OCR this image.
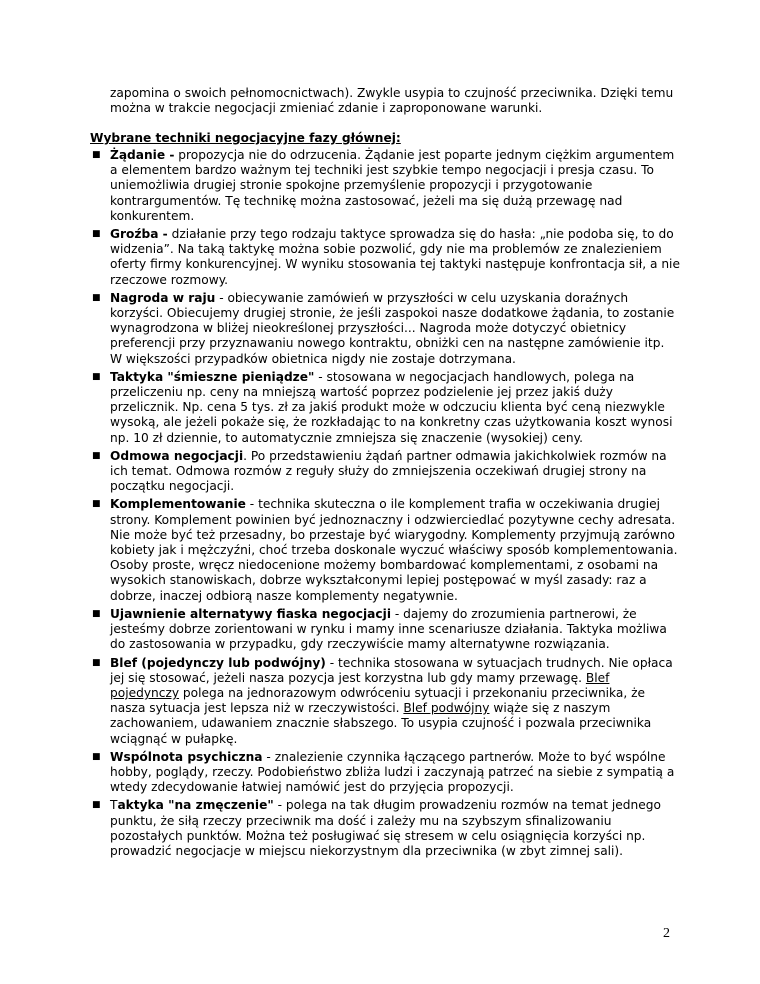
zapomina o swoich pełnomocnictwach). Zwykle usypia to czujność przeciwnika. Dzięki temu można w trakcie negocjacji zmieniać zdanie i zaproponowane warunki.
Wybrane techniki negocjacyjne fazy głównej:
■ Żądanie - propozycja nie do odrzucenia. Żądanie jest poparte jednym ciężkim argumentem a elementem bardzo ważnym tej techniki jest szybkie tempo negocjacji i presja czasu. To uniemożliwia drugiej stronie spokojne przemyślenie propozycji i przygotowanie kontrargumentów. Tę technikę można zastosować, jeżeli ma się dużą przewagę nad konkurentem.
■ Groźba - działanie przy tego rodzaju taktyce sprowadza się do hasła: „nie podoba się, to do widzenia”. Na taką taktykę można sobie pozwolić, gdy nie ma problemów ze znalezieniem oferty firmy konkurencyjnej. W wyniku stosowania tej taktyki następuje konfrontacja sił, a nie rzeczowe rozmowy.
■ Nagroda w raju - obiecywanie zamówień w przyszłości w celu uzyskania doraźnych korzyści. Obiecujemy drugiej stronie, że jeśli zaspokoi nasze dodatkowe żądania, to zostanie wynagrodzona w bliżej nieokreślonej przyszłości... Nagroda może dotyczyć obietnicy preferencji przy przyznawaniu nowego kontraktu, obniżki cen na następne zamówienie itp. W większości przypadków obietnica nigdy nie zostaje dotrzymana.
■ Taktyka "śmieszne pieniądze" - stosowana w negocjacjach handlowych, polega na przeliczeniu np. ceny na mniejszą wartość poprzez podzielenie jej przez jakiś duży przelicznik. Np. cena 5 tys. zł za jakiś produkt może w odczuciu klienta być ceną niezwykle wysoką, ale jeżeli pokaże się, że rozkładając to na konkretny czas użytkowania koszt wynosi np. 10 zł dziennie, to automatycznie zmniejsza się znaczenie (wysokiej) ceny.
■ Odmowa negocjacji. Po przedstawieniu żądań partner odmawia jakichkolwiek rozmów na ich temat. Odmowa rozmów z reguły służy do zmniejszenia oczekiwań drugiej strony na początku negocjacji.
■ Komplementowanie - technika skuteczna o ile komplement trafia w oczekiwania drugiej strony. Komplement powinien być jednoznaczny i odzwierciedlać pozytywne cechy adresata. Nie może być też przesadny, bo przestaje być wiarygodny. Komplementy przyjmują zarówno kobiety jak i mężczyźni, choć trzeba doskonale wyczuć właściwy sposób komplementowania. Osoby proste, wręcz niedocenione możemy bombardować komplementami, z osobami na wysokich stanowiskach, dobrze wykształconymi lepiej postępować w myśl zasady: raz a dobrze, inaczej odbiorą nasze komplementy negatywnie.
■ Ujawnienie alternatywy fiaska negocjacji - dajemy do zrozumienia partnerowi, że jesteśmy dobrze zorientowani w rynku i mamy inne scenariusze działania. Taktyka możliwa do zastosowania w przypadku, gdy rzeczywiście mamy alternatywne rozwiązania.
■ Blef (pojedynczy lub podwójny) - technika stosowana w sytuacjach trudnych. Nie opłaca jej się stosować, jeżeli nasza pozycja jest korzystna lub gdy mamy przewagę. Blef pojedynczy polega na jednorazowym odwróceniu sytuacji i przekonaniu przeciwnika, że nasza sytuacja jest lepsza niż w rzeczywistości. Blef podwójny wiąże się z naszym zachowaniem, udawaniem znacznie słabszego. To usypia czujność i pozwala przeciwnika wciągnąć w pułapkę.
■ Wspólnota psychiczna - znalezienie czynnika łączącego partnerów. Może to być wspólne hobby, poglądy, rzeczy. Podobieństwo zbliża ludzi i zaczynają patrzeć na siebie z sympatią a wtedy zdecydowanie łatwiej namówić jest do przyjęcia propozycji.
■ Taktyka "na zmęczenie" - polega na tak długim prowadzeniu rozmów na temat jednego punktu, że siłą rzeczy przeciwnik ma dość i zależy mu na szybszym sfinalizowaniu pozostałych punktów. Można też posługiwać się stresem w celu osiągnięcia korzyści np. prowadzić negocjacje w miejscu niekorzystnym dla przeciwnika (w zbyt zimnej sali).
2
